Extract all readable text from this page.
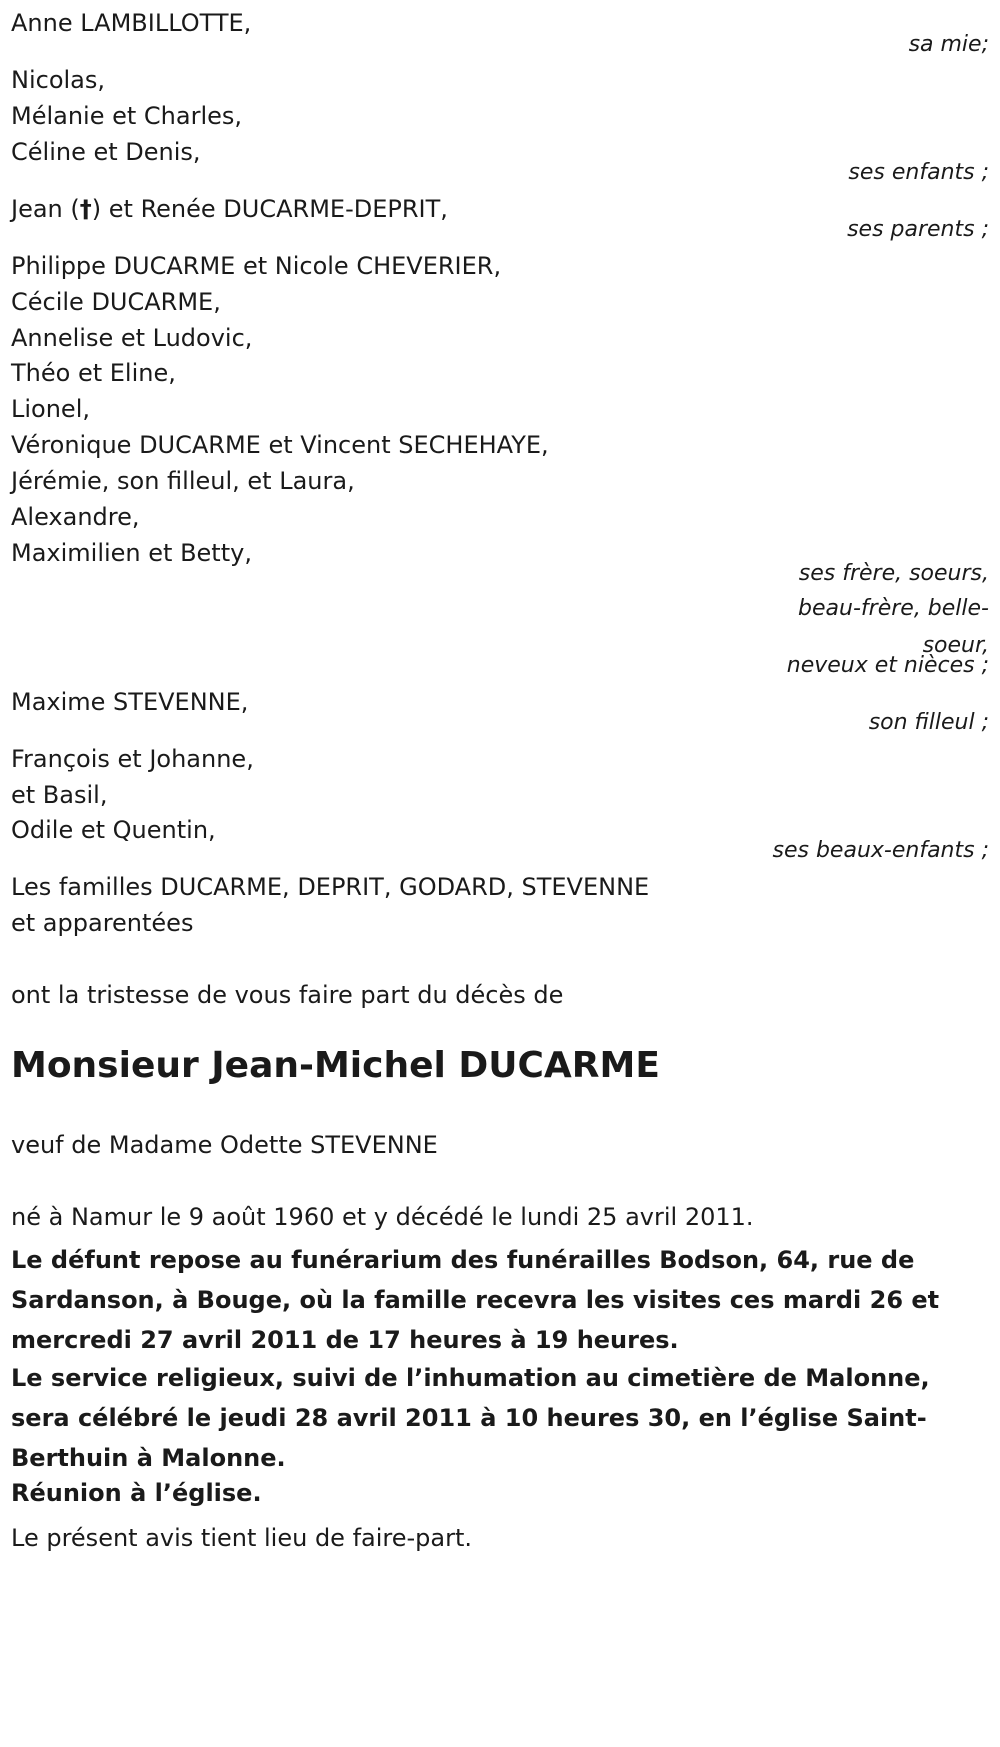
Anne LAMBILLOTTE,
sa mie;
Nicolas,
Mélanie et Charles,
Céline et Denis,
ses enfants ;
Jean (†) et Renée DUCARME-DEPRIT,
ses parents ;
Philippe DUCARME et Nicole CHEVERIER,
Cécile DUCARME,
Annelise et Ludovic,
Théo et Eline,
Lionel,
Véronique DUCARME et Vincent SECHEHAYE,
Jérémie, son filleul, et Laura,
Alexandre,
Maximilien et Betty,
ses frère, soeurs,
beau-frère, belle-
soeur,
neveux et nièces ;
Maxime STEVENNE,
son filleul ;
François et Johanne,
et Basil,
Odile et Quentin,
ses beaux-enfants ;
Les familles DUCARME, DEPRIT, GODARD, STEVENNE
et apparentées
ont la tristesse de vous faire part du décès de
Monsieur Jean-Michel DUCARME
veuf de Madame Odette STEVENNE
né à Namur le 9 août 1960 et y décédé le lundi 25 avril 2011.
Le défunt repose au funérarium des funérailles Bodson, 64, rue de Sardanson, à Bouge, où la famille recevra les visites ces mardi 26 et mercredi 27 avril 2011 de 17 heures à 19 heures.
Le service religieux, suivi de l’inhumation au cimetière de Malonne, sera célébré le jeudi 28 avril 2011 à 10 heures 30, en l’église Saint-Berthuin à Malonne.
Réunion à l’église.
Le présent avis tient lieu de faire-part.
